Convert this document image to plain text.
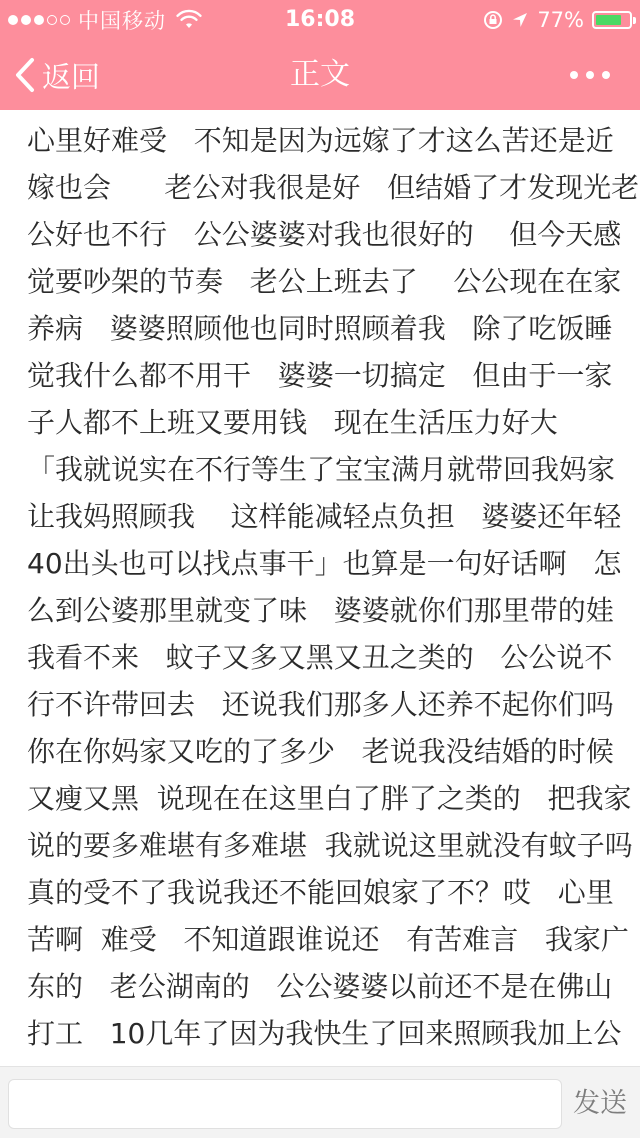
中国移动	16:08	77%
返回	正文
心里好难受   不知是因为远嫁了才这么苦还是近
嫁也会      老公对我很是好   但结婚了才发现光老
公好也不行   公公婆婆对我也很好的    但今天感
觉要吵架的节奏   老公上班去了    公公现在在家
养病   婆婆照顾他也同时照顾着我   除了吃饭睡
觉我什么都不用干   婆婆一切搞定   但由于一家
子人都不上班又要用钱   现在生活压力好大
「我就说实在不行等生了宝宝满月就带回我妈家
让我妈照顾我    这样能减轻点负担   婆婆还年轻
40出头也可以找点事干」也算是一句好话啊   怎
么到公婆那里就变了味   婆婆就你们那里带的娃
我看不来   蚊子又多又黑又丑之类的   公公说不
行不许带回去   还说我们那多人还养不起你们吗
你在你妈家又吃的了多少   老说我没结婚的时候
又瘦又黑  说现在在这里白了胖了之类的   把我家
说的要多难堪有多难堪  我就说这里就没有蚊子吗
真的受不了我说我还不能回娘家了不？哎   心里
苦啊  难受   不知道跟谁说还   有苦难言   我家广
东的   老公湖南的   公公婆婆以前还不是在佛山
打工   10几年了因为我快生了回来照顾我加上公
发送
